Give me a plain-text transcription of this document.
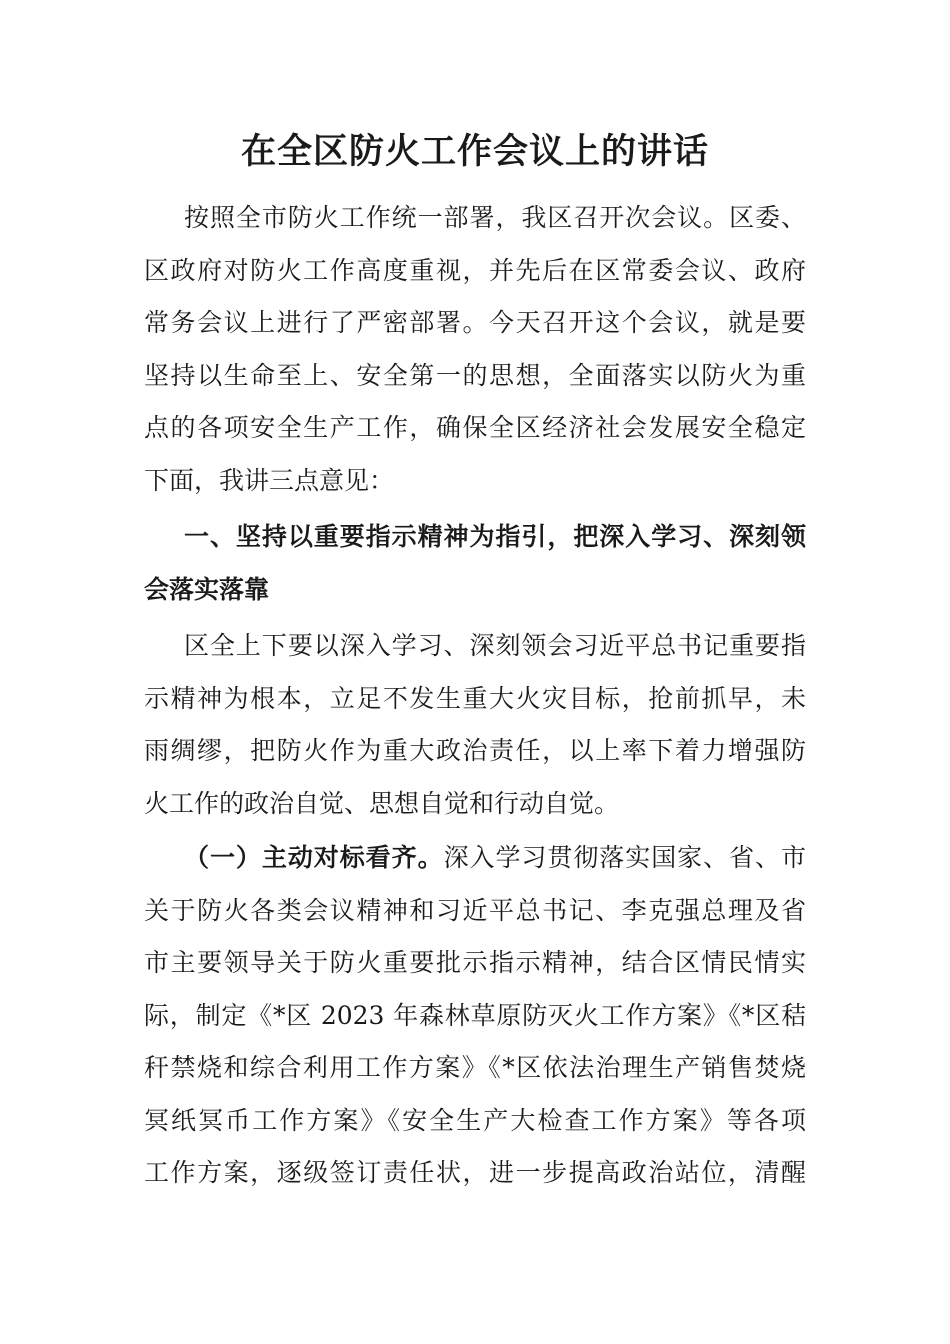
在全区防火工作会议上的讲话
按照全市防火工作统一部署，我区召开次会议。区委、
区政府对防火工作高度重视，并先后在区常委会议、政府
常务会议上进行了严密部署。今天召开这个会议，就是要
坚持以生命至上、安全第一的思想，全面落实以防火为重
点的各项安全生产工作，确保全区经济社会发展安全稳定
下面，我讲三点意见：
一、坚持以重要指示精神为指引，把深入学习、深刻领
会落实落靠
区全上下要以深入学习、深刻领会习近平总书记重要指
示精神为根本，立足不发生重大火灾目标，抢前抓早，未
雨绸缪，把防火作为重大政治责任，以上率下着力增强防
火工作的政治自觉、思想自觉和行动自觉。
（一）主动对标看齐。深入学习贯彻落实国家、省、市
关于防火各类会议精神和习近平总书记、李克强总理及省
市主要领导关于防火重要批示指示精神，结合区情民情实
际，制定《*区 2023 年森林草原防灭火工作方案》《*区秸
秆禁烧和综合利用工作方案》《*区依法治理生产销售焚烧
冥纸冥币工作方案》《安全生产大检查工作方案》等各项
工作方案，逐级签订责任状，进一步提高政治站位，清醒
